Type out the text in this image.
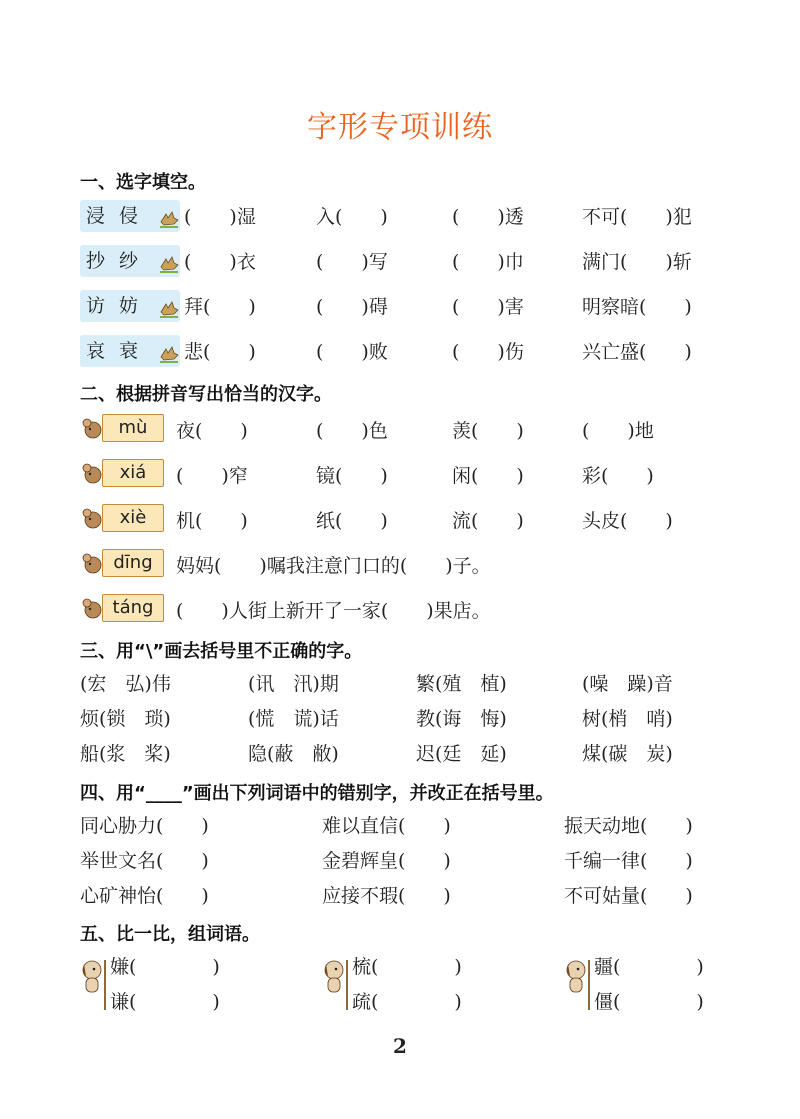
字形专项训练
一、选字填空。
浸侵 (　　)湿	入(　　)	(　　)透	不可(　　)犯
抄纱 (　　)衣	(　　)写	(　　)巾	满门(　　)斩
访妨 拜(　　)	(　　)碍	(　　)害	明察暗(　　)
哀衰 悲(　　)	(　　)败	(　　)伤	兴亡盛(　　)
二、根据拼音写出恰当的汉字。
mù	夜(　　)	(　　)色	羡(　　)	(　　)地
xiá	(　　)窄	镜(　　)	闲(　　)	彩(　　)
xiè	机(　　)	纸(　　)	流(　　)	头皮(　　)
dīng	妈妈(　　)嘱我注意门口的(　　)子。
táng	(　　)人街上新开了一家(　　)果店。
三、用“\”画去括号里不正确的字。
(宏　弘)伟	(讯　汛)期	繁(殖　植)	(噪　躁)音
烦(锁　琐)	(慌　谎)话	教(诲　悔)	树(梢　哨)
船(浆　桨)	隐(蔽　敝)	迟(廷　延)	煤(碳　炭)
四、用“____”画出下列词语中的错别字，并改正在括号里。
同心胁力(　　)	难以直信(　　)	振天动地(　　)
举世文名(　　)	金碧辉皇(　　)	千编一律(　　)
心矿神怡(　　)	应接不瑕(　　)	不可姑量(　　)
五、比一比，组词语。
嫌(　　　　)
谦(　　　　)
梳(　　　　)
疏(　　　　)
疆(　　　　)
僵(　　　　)
2
